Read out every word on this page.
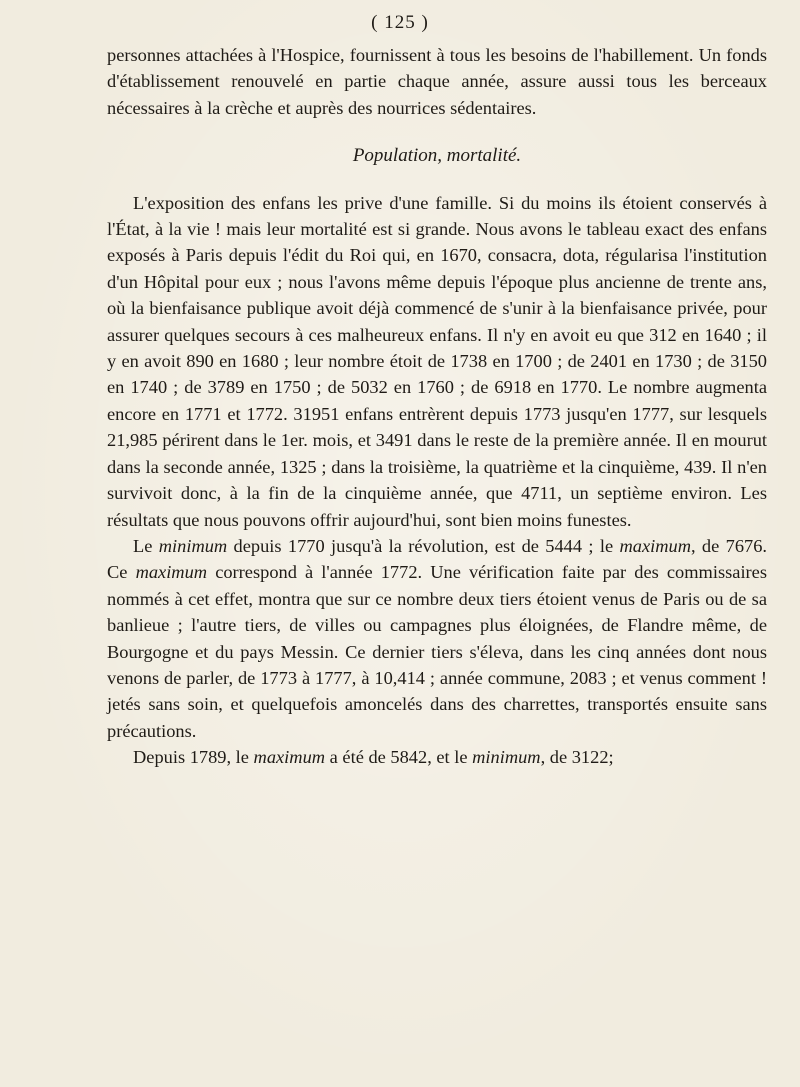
( 125 )

personnes attachées à l'Hospice, fournissent à tous les besoins de l'habillement. Un fonds d'établissement renouvelé en partie chaque année, assure aussi tous les berceaux nécessaires à la crèche et auprès des nourrices sédentaires.

Population, mortalité.

L'exposition des enfans les prive d'une famille. Si du moins ils étoient conservés à l'État, à la vie ! mais leur mortalité est si grande. Nous avons le tableau exact des enfans exposés à Paris depuis l'édit du Roi qui, en 1670, consacra, dota, régularisa l'institution d'un Hôpital pour eux ; nous l'avons même depuis l'époque plus ancienne de trente ans, où la bienfaisance publique avoit déjà commencé de s'unir à la bienfaisance privée, pour assurer quelques secours à ces malheureux enfans. Il n'y en avoit eu que 312 en 1640 ; il y en avoit 890 en 1680 ; leur nombre étoit de 1738 en 1700 ; de 2401 en 1730 ; de 3150 en 1740 ; de 3789 en 1750 ; de 5032 en 1760 ; de 6918 en 1770. Le nombre augmenta encore en 1771 et 1772. 31951 enfans entrèrent depuis 1773 jusqu'en 1777, sur lesquels 21,985 périrent dans le 1er. mois, et 3491 dans le reste de la première année. Il en mourut dans la seconde année, 1325 ; dans la troisième, la quatrième et la cinquième, 439. Il n'en survivoit donc, à la fin de la cinquième année, que 4711, un septième environ. Les résultats que nous pouvons offrir aujourd'hui, sont bien moins funestes.

Le minimum depuis 1770 jusqu'à la révolution, est de 5444 ; le maximum, de 7676. Ce maximum correspond à l'année 1772. Une vérification faite par des commissaires nommés à cet effet, montra que sur ce nombre deux tiers étoient venus de Paris ou de sa banlieue ; l'autre tiers, de villes ou campagnes plus éloignées, de Flandre même, de Bourgogne et du pays Messin. Ce dernier tiers s'éleva, dans les cinq années dont nous venons de parler, de 1773 à 1777, à 10,414 ; année commune, 2083 ; et venus comment ! jetés sans soin, et quelquefois amoncelés dans des charrettes, transportés ensuite sans précautions.

Depuis 1789, le maximum a été de 5842, et le minimum, de 3122;
